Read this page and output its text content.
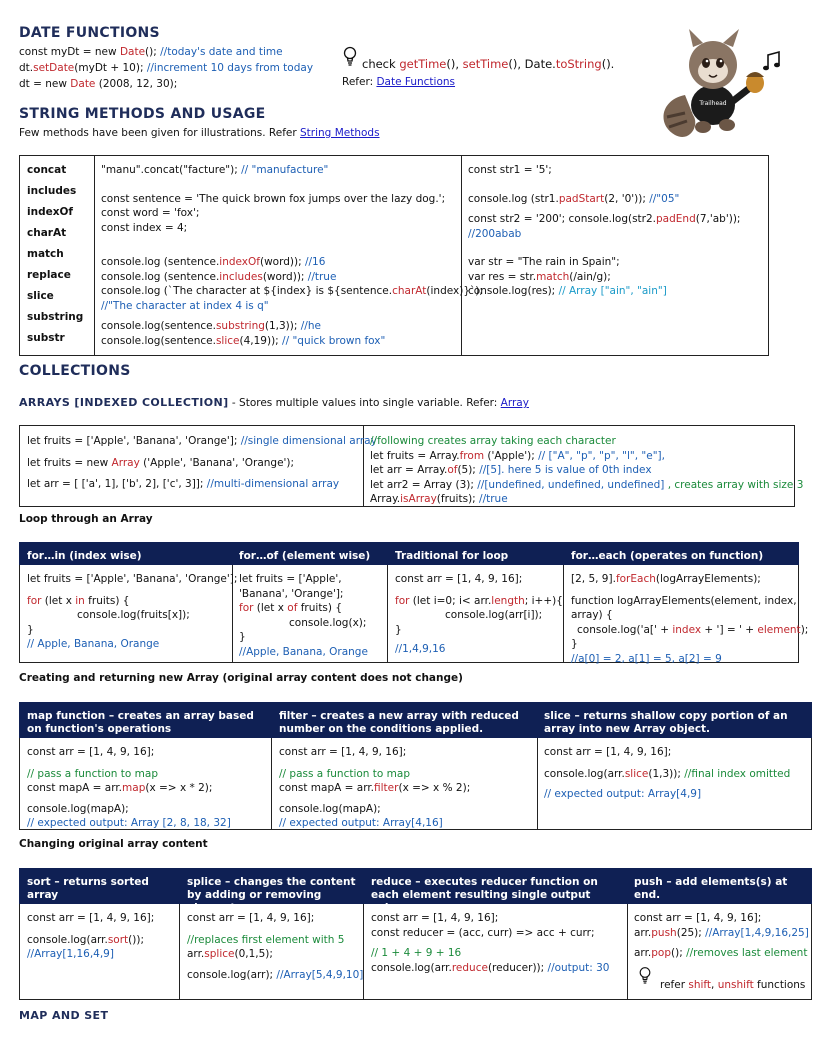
DATE FUNCTIONS
const myDt = new Date(); //today's date and time
dt.setDate(myDt + 10); //increment 10 days from today
dt = new Date (2008, 12, 30);
check getTime(), setTime(), Date.toString().
Refer: Date Functions
Trailhead
STRING METHODS AND USAGE
Few methods have been given for illustrations. Refer String Methods
concat
includes
indexOf
charAt
match
replace
slice
substring
substr
"manu".concat("facture"); // "manufacture"
const sentence = 'The quick brown fox jumps over the lazy dog.';
const word = 'fox';
const index = 4;
console.log (sentence.indexOf(word)); //16
console.log (sentence.includes(word)); //true
console.log (`The character at ${index} is ${sentence.charAt(index)}`);
//"The character at index 4 is q"
console.log(sentence.substring(1,3)); //he
console.log(sentence.slice(4,19)); // "quick brown fox"
const str1 = '5';
console.log (str1.padStart(2, '0')); //"05"
const str2 = '200'; console.log(str2.padEnd(7,'ab'));
//200abab
var str = "The rain in Spain";
var res = str.match(/ain/g);
console.log(res); // Array ["ain", "ain"]
COLLECTIONS
ARRAYS [INDEXED COLLECTION] - Stores multiple values into single variable. Refer: Array
let fruits = ['Apple', 'Banana', 'Orange']; //single dimensional array
let fruits = new Array ('Apple', 'Banana', 'Orange');
let arr = [ ['a', 1], ['b', 2], ['c', 3]]; //multi-dimensional array
//following creates array taking each character
let fruits = Array.from ('Apple'); // ["A", "p", "p", "l", "e"],
let arr = Array.of(5); //[5]. here 5 is value of 0th index
let arr2 = Array (3); //[undefined, undefined, undefined] , creates array with size 3
Array.isArray(fruits); //true
Loop through an Array
for…in (index wise)	for…of (element wise) Traditional for loop	for…each (operates on function)
let fruits = ['Apple', 'Banana', 'Orange'];
for (let x in fruits) {
console.log(fruits[x]);
}
// Apple, Banana, Orange
let fruits = ['Apple',
'Banana', 'Orange'];
for (let x of fruits) {
console.log(x);
}
//Apple, Banana, Orange
const arr = [1, 4, 9, 16];
for (let i=0; i< arr.length; i++){
console.log(arr[i]);
}
//1,4,9,16
[2, 5, 9].forEach(logArrayElements);
function logArrayElements(element, index,
array) {
console.log('a[' + index + '] = ' + element);
}
//a[0] = 2, a[1] = 5, a[2] = 9
Creating and returning new Array (original array content does not change)
map function – creates an array based on function's operations
filter – creates a new array with reduced number on the conditions applied.
slice – returns shallow copy portion of an array into new Array object.
const arr = [1, 4, 9, 16];
// pass a function to map
const mapA = arr.map(x => x * 2);
console.log(mapA);
// expected output: Array [2, 8, 18, 32]
const arr = [1, 4, 9, 16];
// pass a function to map
const mapA = arr.filter(x => x % 2);
console.log(mapA);
// expected output: Array[4,16]
const arr = [1, 4, 9, 16];
console.log(arr.slice(1,3)); //final index omitted
// expected output: Array[4,9]
Changing original array content
sort – returns sorted array
splice – changes the content by adding or removing elements
reduce – executes reducer function on each element resulting single output value.
push – add elements(s) at end.
const arr = [1, 4, 9, 16];
console.log(arr.sort());
//Array[1,16,4,9]
const arr = [1, 4, 9, 16];
//replaces first element with 5
arr.splice(0,1,5);
console.log(arr); //Array[5,4,9,10]
const arr = [1, 4, 9, 16];
const reducer = (acc, curr) => acc + curr;
// 1 + 4 + 9 + 16
console.log(arr.reduce(reducer)); //output: 30
const arr = [1, 4, 9, 16];
arr.push(25); //Array[1,4,9,16,25]
arr.pop(); //removes last element
refer shift, unshift functions
MAP AND SET
